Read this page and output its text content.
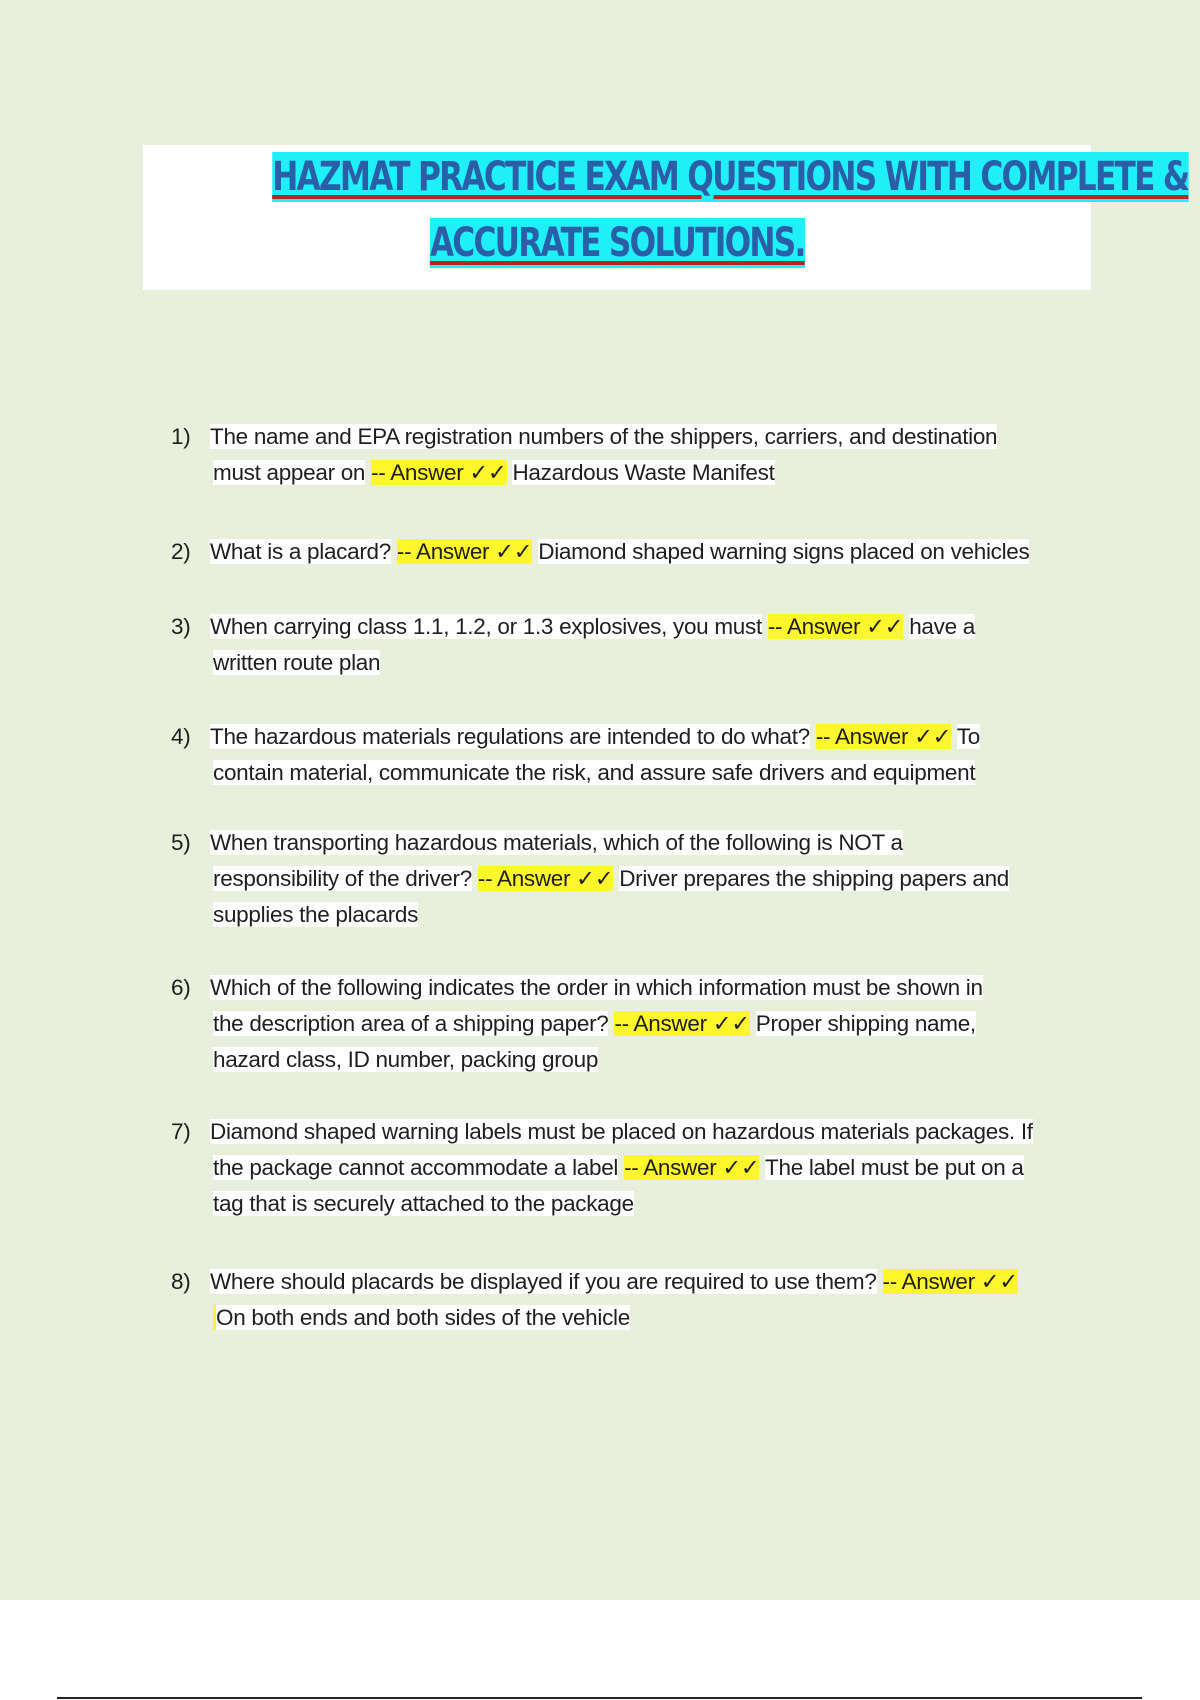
HAZMAT PRACTICE EXAM QUESTIONS WITH COMPLETE &
ACCURATE SOLUTIONS.
1) The name and EPA registration numbers of the shippers, carriers, and destination
must appear on -- Answer ✓✓ Hazardous Waste Manifest
2) What is a placard? -- Answer ✓✓ Diamond shaped warning signs placed on vehicles
3) When carrying class 1.1, 1.2, or 1.3 explosives, you must -- Answer ✓✓ have a
written route plan
4) The hazardous materials regulations are intended to do what? -- Answer ✓✓ To
contain material, communicate the risk, and assure safe drivers and equipment
5) When transporting hazardous materials, which of the following is NOT a
responsibility of the driver? -- Answer ✓✓ Driver prepares the shipping papers and
supplies the placards
6) Which of the following indicates the order in which information must be shown in
the description area of a shipping paper? -- Answer ✓✓ Proper shipping name,
hazard class, ID number, packing group
7) Diamond shaped warning labels must be placed on hazardous materials packages. If
the package cannot accommodate a label -- Answer ✓✓ The label must be put on a
tag that is securely attached to the package
8) Where should placards be displayed if you are required to use them? -- Answer ✓✓
On both ends and both sides of the vehicle
